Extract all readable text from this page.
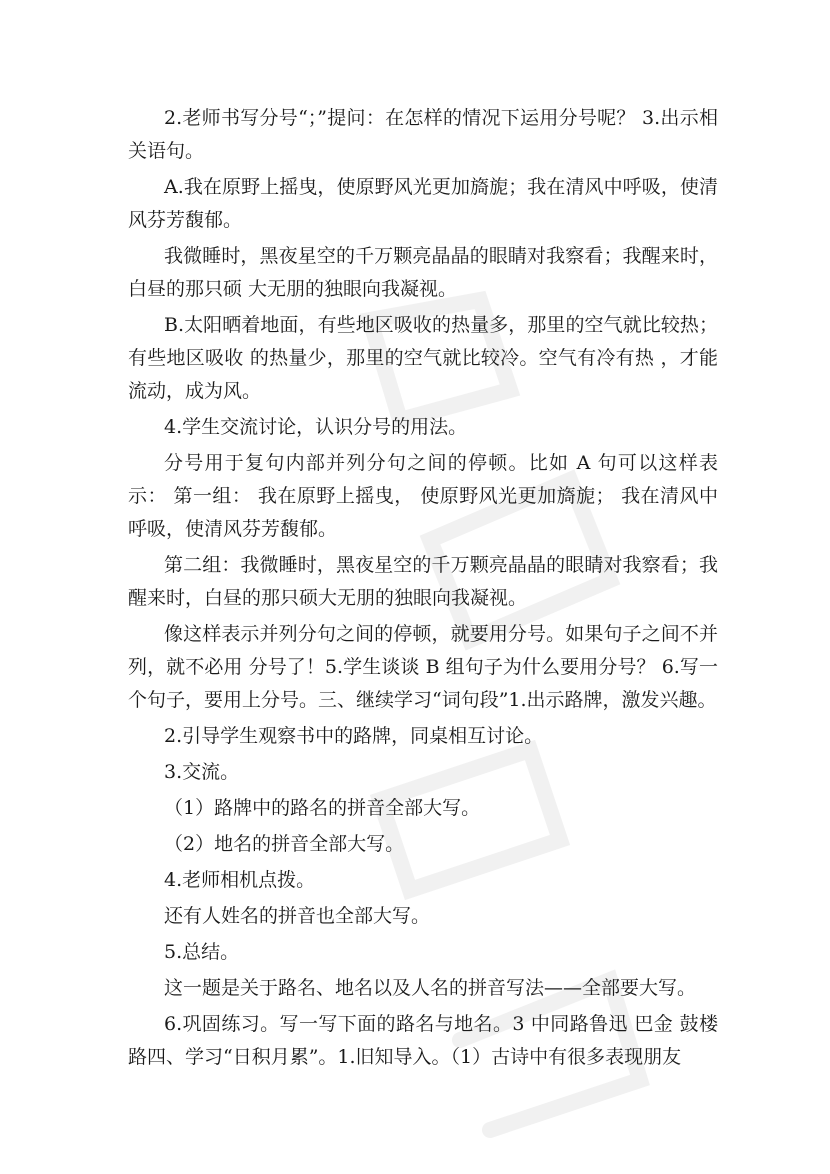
2.老师书写分号“；”提问：在怎样的情况下运用分号呢？ 3.出示相关语句。

A.我在原野上摇曳，使原野风光更加旖旎；我在清风中呼吸，使清风芬芳馥郁。

我微睡时，黑夜星空的千万颗亮晶晶的眼睛对我察看；我醒来时，白昼的那只硕 大无朋的独眼向我凝视。

B.太阳晒着地面，有些地区吸收的热量多，那里的空气就比较热；有些地区吸收 的热量少，那里的空气就比较冷。空气有冷有热 ，才能流动，成为风。

4.学生交流讨论，认识分号的用法。

分号用于复句内部并列分句之间的停顿。比如 A 句可以这样表示： 第一组： 我在原野上摇曳， 使原野风光更加旖旎； 我在清风中呼吸，使清风芬芳馥郁。

第二组：我微睡时，黑夜星空的千万颗亮晶晶的眼睛对我察看；我醒来时，白昼的那只硕大无朋的独眼向我凝视。

像这样表示并列分句之间的停顿，就要用分号。如果句子之间不并列，就不必用 分号了！5.学生谈谈 B 组句子为什么要用分号？ 6.写一个句子，要用上分号。三、继续学习“词句段”1.出示路牌，激发兴趣。

2.引导学生观察书中的路牌，同桌相互讨论。

3.交流。

（1）路牌中的路名的拼音全部大写。

（2）地名的拼音全部大写。

4.老师相机点拨。

还有人姓名的拼音也全部大写。

5.总结。

这一题是关于路名、地名以及人名的拼音写法——全部要大写。

6.巩固练习。写一写下面的路名与地名。3 中同路鲁迅 巴金 鼓楼路四、学习“日积月累”。1.旧知导入。（1）古诗中有很多表现朋友
